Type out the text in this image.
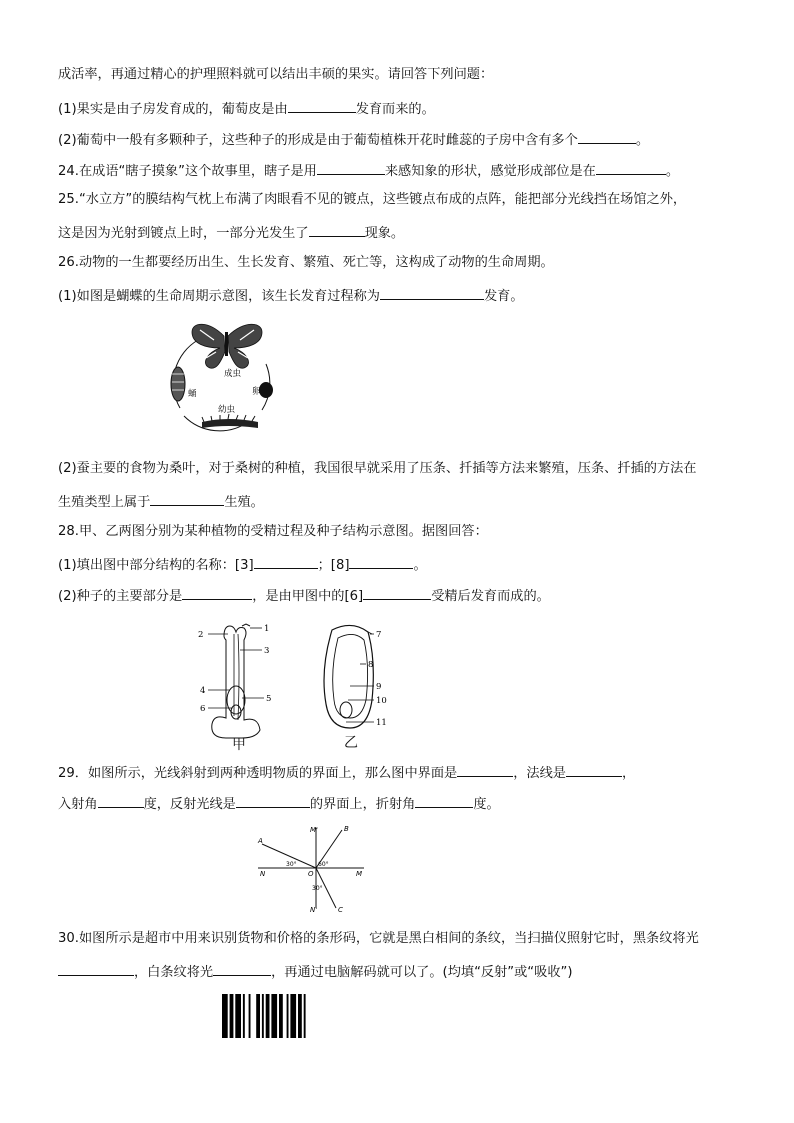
成活率，再通过精心的护理照料就可以结出丰硕的果实。请回答下列问题：
(1)果实是由子房发育成的，葡萄皮是由	发育而来的。
(2)葡萄中一般有多颗种子，这些种子的形成是由于葡萄植株开花时雌蕊的子房中含有多个	。
24.在成语“瞎子摸象”这个故事里，瞎子是用	来感知象的形状，感觉形成部位是在	。
25.“水立方”的膜结构气枕上布满了肉眼看不见的镀点，这些镀点布成的点阵，能把部分光线挡在场馆之外，
这是因为光射到镀点上时，一部分光发生了	现象。
26.动物的一生都要经历出生、生长发育、繁殖、死亡等，这构成了动物的生命周期。
(1)如图是蝴蝶的生命周期示意图，该生长发育过程称为	发育。
成虫
卵
蛹
幼虫
(2)蚕主要的食物为桑叶，对于桑树的种植，我国很早就采用了压条、扦插等方法来繁殖，压条、扦插的方法在
生殖类型上属于	生殖。
28.甲、乙两图分别为某种植物的受精过程及种子结构示意图。据图回答：
(1)填出图中部分结构的名称：[3]	；[8]	。
(2)种子的主要部分是	，是由甲图中的[6]	受精后发育而成的。
1
2
3
4
5
6
甲
7
8
9
10
11
乙
29．如图所示，光线斜射到两种透明物质的界面上，那么图中界面是	，法线是	，
入射角	度，反射光线是	的界面上，折射角	度。
M'	B
A
30°	60°
N	O	M
30°
N'	C
30.如图所示是超市中用来识别货物和价格的条形码，它就是黑白相间的条纹，当扫描仪照射它时，黑条纹将光
，白条纹将光	，再通过电脑解码就可以了。(均填“反射”或“吸收”)
